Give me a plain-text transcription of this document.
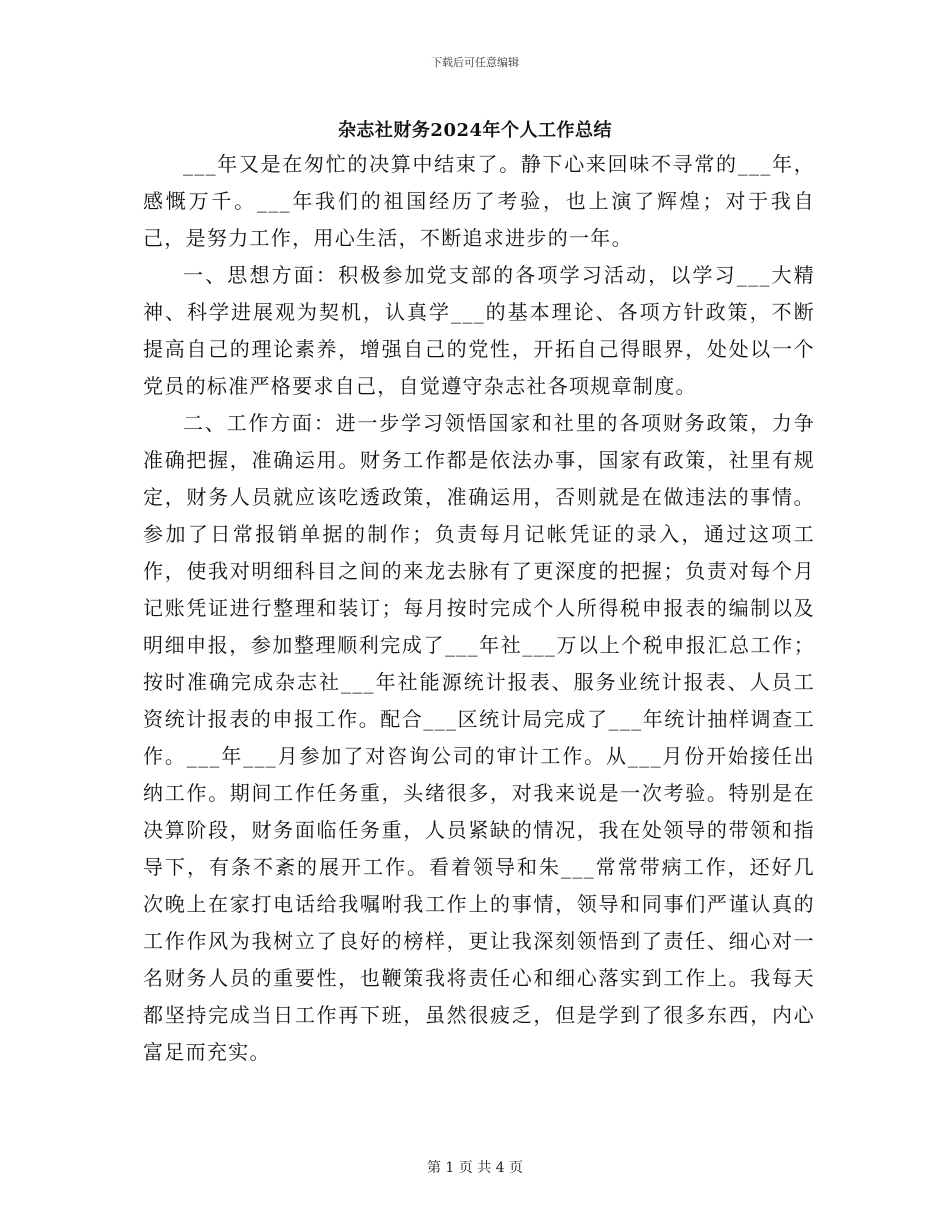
下载后可任意编辑
杂志社财务2024年个人工作总结

___年又是在匆忙的决算中结束了。静下心来回味不寻常的___年，感慨万千。___年我们的祖国经历了考验，也上演了辉煌；对于我自己，是努力工作，用心生活，不断追求进步的一年。

一、思想方面：积极参加党支部的各项学习活动，以学习___大精神、科学进展观为契机，认真学___的基本理论、各项方针政策，不断提高自己的理论素养，增强自己的党性，开拓自己得眼界，处处以一个党员的标准严格要求自己，自觉遵守杂志社各项规章制度。

二、工作方面：进一步学习领悟国家和社里的各项财务政策，力争准确把握，准确运用。财务工作都是依法办事，国家有政策，社里有规定，财务人员就应该吃透政策，准确运用，否则就是在做违法的事情。参加了日常报销单据的制作；负责每月记帐凭证的录入，通过这项工作，使我对明细科目之间的来龙去脉有了更深度的把握；负责对每个月记账凭证进行整理和装订；每月按时完成个人所得税申报表的编制以及明细申报，参加整理顺利完成了___年社___万以上个税申报汇总工作；按时准确完成杂志社___年社能源统计报表、服务业统计报表、人员工资统计报表的申报工作。配合___区统计局完成了___年统计抽样调查工作。___年___月参加了对咨询公司的审计工作。从___月份开始接任出纳工作。期间工作任务重，头绪很多，对我来说是一次考验。特别是在决算阶段，财务面临任务重，人员紧缺的情况，我在处领导的带领和指导下，有条不紊的展开工作。看着领导和朱___常常带病工作，还好几次晚上在家打电话给我嘱咐我工作上的事情，领导和同事们严谨认真的工作作风为我树立了良好的榜样，更让我深刻领悟到了责任、细心对一名财务人员的重要性，也鞭策我将责任心和细心落实到工作上。我每天都坚持完成当日工作再下班，虽然很疲乏，但是学到了很多东西，内心富足而充实。

第 1 页 共 4 页
